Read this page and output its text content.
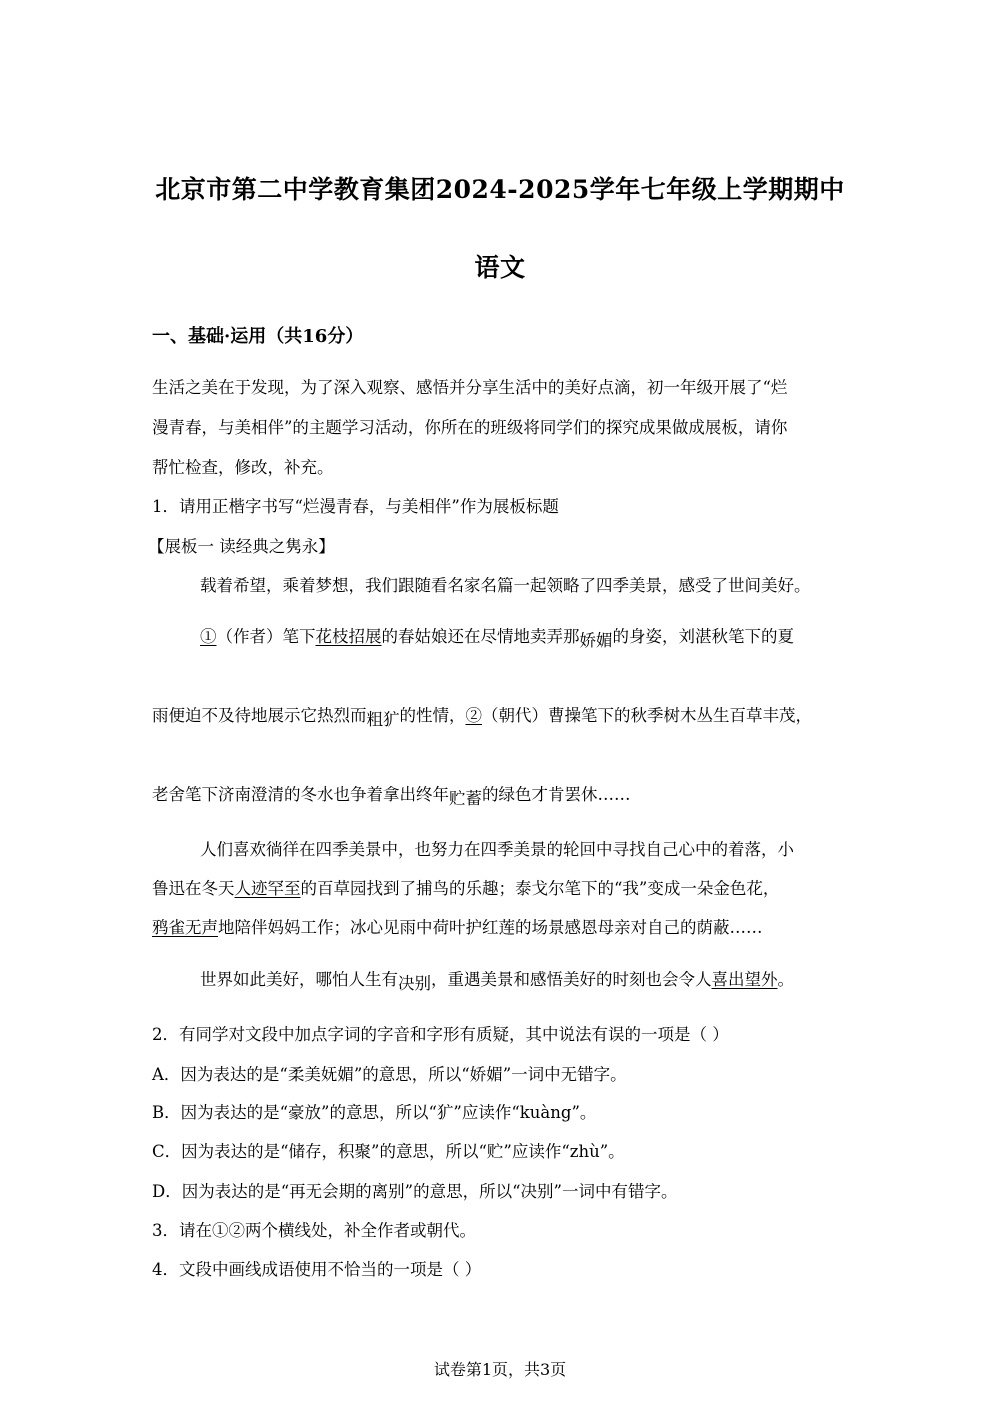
北京市第二中学教育集团2024-2025学年七年级上学期期中
语文
一、基础·运用（共16分）
生活之美在于发现，为了深入观察、感悟并分享生活中的美好点滴，初一年级开展了“烂
漫青春，与美相伴”的主题学习活动，你所在的班级将同学们的探究成果做成展板，请你
帮忙检查，修改，补充。
1．请用正楷字书写“烂漫青春，与美相伴”作为展板标题
【展板一 读经典之隽永】
载着希望，乘着梦想，我们跟随看名家名篇一起领略了四季美景，感受了世间美好。
①（作者）笔下花枝招展的春姑娘还在尽情地卖弄那娇媚的身姿，刘湛秋笔下的夏
雨便迫不及待地展示它热烈而粗犷的性情，②（朝代）曹操笔下的秋季树木丛生百草丰茂，
老舍笔下济南澄清的冬水也争着拿出终年贮蓄的绿色才肯罢休……
人们喜欢徜徉在四季美景中，也努力在四季美景的轮回中寻找自己心中的着落，小
鲁迅在冬天人迹罕至的百草园找到了捕鸟的乐趣；泰戈尔笔下的“我”变成一朵金色花，
鸦雀无声地陪伴妈妈工作；冰心见雨中荷叶护红莲的场景感恩母亲对自己的荫蔽……
世界如此美好，哪怕人生有决别，重遇美景和感悟美好的时刻也会令人喜出望外。
2．有同学对文段中加点字词的字音和字形有质疑，其中说法有误的一项是（ ）
A．因为表达的是“柔美妩媚”的意思，所以“娇媚”一词中无错字。
B．因为表达的是“豪放”的意思，所以“犷”应读作“kuàng”。
C．因为表达的是“储存，积聚”的意思，所以“贮”应读作“zhù”。
D．因为表达的是“再无会期的离别”的意思，所以“决别”一词中有错字。
3．请在①②两个横线处，补全作者或朝代。
4．文段中画线成语使用不恰当的一项是（ ）
试卷第1页，共3页
